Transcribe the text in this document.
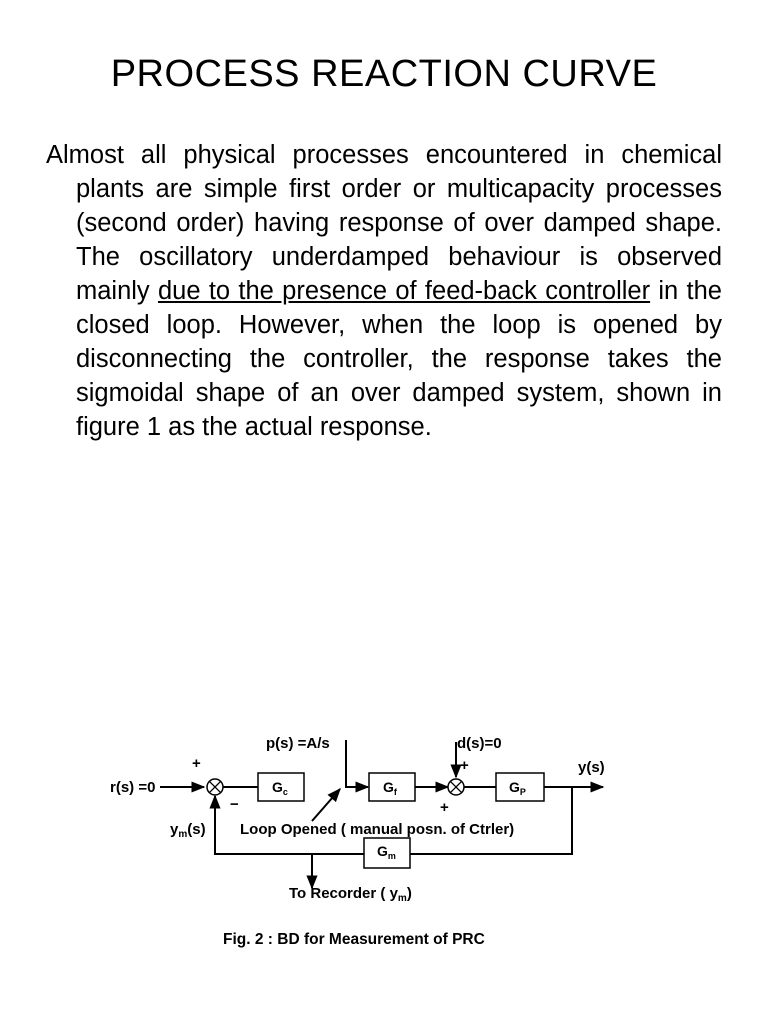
PROCESS REACTION CURVE

Almost all physical processes encountered in chemical plants are simple first order or multicapacity processes (second order) having response of over damped shape. The oscillatory underdamped behaviour is observed mainly due to the presence of feed-back controller in the closed loop. However, when the loop is opened by disconnecting the controller, the response takes the sigmoidal shape of an over damped system, shown in figure 1 as the actual response.

p(s) =A/s	d(s)=0
y(s)
r(s) =0
+
−
$G_c$	$G_f$
+
+
$G_P$
$G_m$
$y_m(s)$ Loop Opened ( manual posn. of Ctrler)
To Recorder ( $y_m$)
Fig. 2 : BD for Measurement of PRC
